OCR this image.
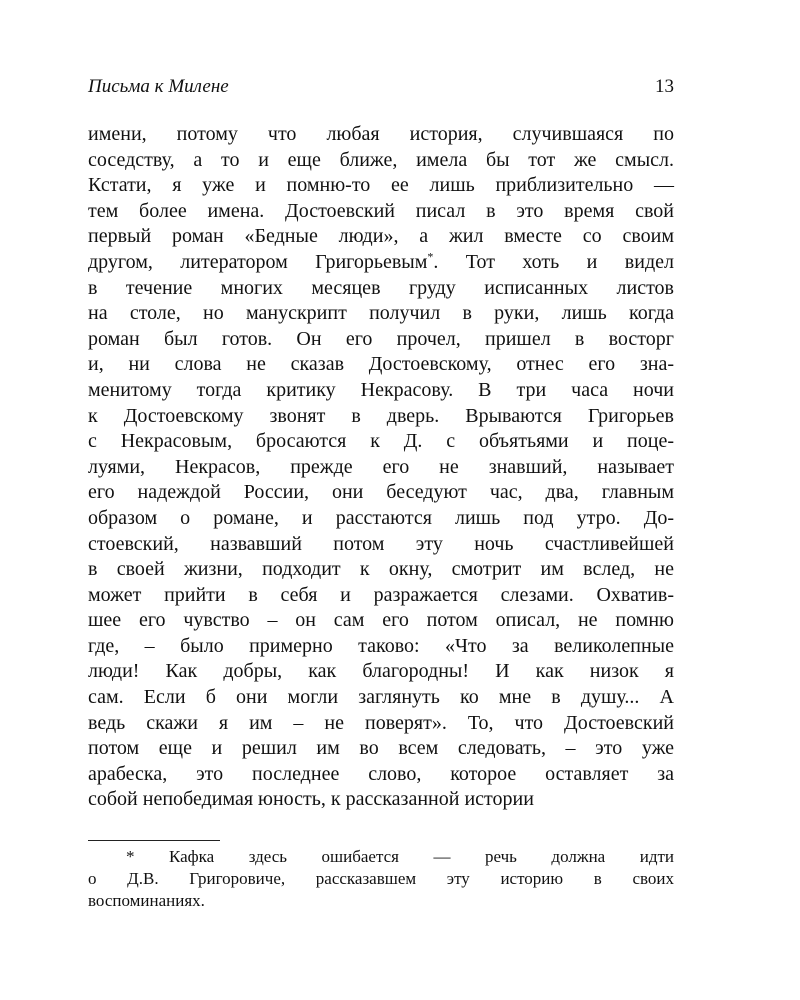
Письма к Милене	13
имени, потому что любая история, случившаяся по
соседству, а то и еще ближе, имела бы тот же смысл.
Кстати, я уже и помню-то ее лишь приблизительно —
тем более имена. Достоевский писал в это время свой
первый роман «Бедные люди», а жил вместе со своим
другом, литератором Григорьевым*. Тот хоть и видел
в течение многих месяцев груду исписанных листов
на столе, но манускрипт получил в руки, лишь когда
роман был готов. Он его прочел, пришел в восторг
и, ни слова не сказав Достоевскому, отнес его зна-
менитому тогда критику Некрасову. В три часа ночи
к Достоевскому звонят в дверь. Врываются Григорьев
с Некрасовым, бросаются к Д. с объятьями и поце-
луями, Некрасов, прежде его не знавший, называет
его надеждой России, они беседуют час, два, главным
образом о романе, и расстаются лишь под утро. До-
стоевский, назвавший потом эту ночь счастливейшей
в своей жизни, подходит к окну, смотрит им вслед, не
может прийти в себя и разражается слезами. Охватив-
шее его чувство – он сам его потом описал, не помню
где, – было примерно таково: «Что за великолепные
люди! Как добры, как благородны! И как низок я
сам. Если б они могли заглянуть ко мне в душу... А
ведь скажи я им – не поверят». То, что Достоевский
потом еще и решил им во всем следовать, – это уже
арабеска, это последнее слово, которое оставляет за
собой непобедимая юность, к рассказанной истории
* Кафка здесь ошибается — речь должна идти
о Д.В. Григоровиче, рассказавшем эту историю в своих
воспоминаниях.
